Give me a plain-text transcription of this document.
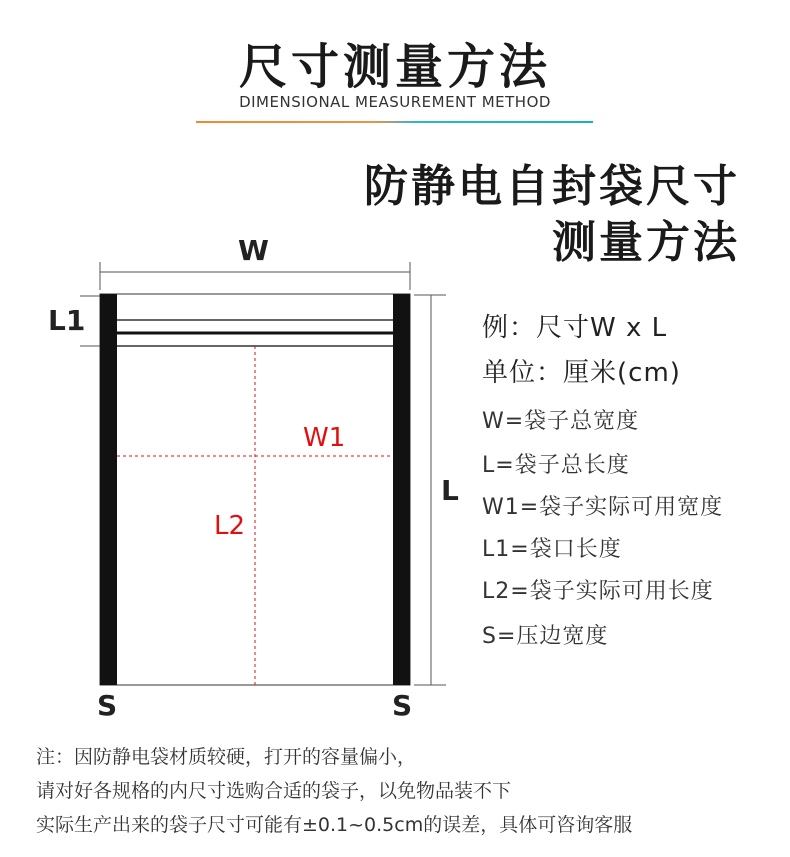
尺寸测量方法
DIMENSIONAL MEASUREMENT METHOD
防静电自封袋尺寸
测量方法
W
L1
W1
L2
L
S	S
例：尺寸W x L
单位：厘米(cm)
W=袋子总宽度
L=袋子总长度
W1=袋子实际可用宽度
L1=袋口长度
L2=袋子实际可用长度
S=压边宽度
注：因防静电袋材质较硬，打开的容量偏小，
请对好各规格的内尺寸选购合适的袋子，以免物品装不下
实际生产出来的袋子尺寸可能有±0.1~0.5cm的误差，具体可咨询客服
